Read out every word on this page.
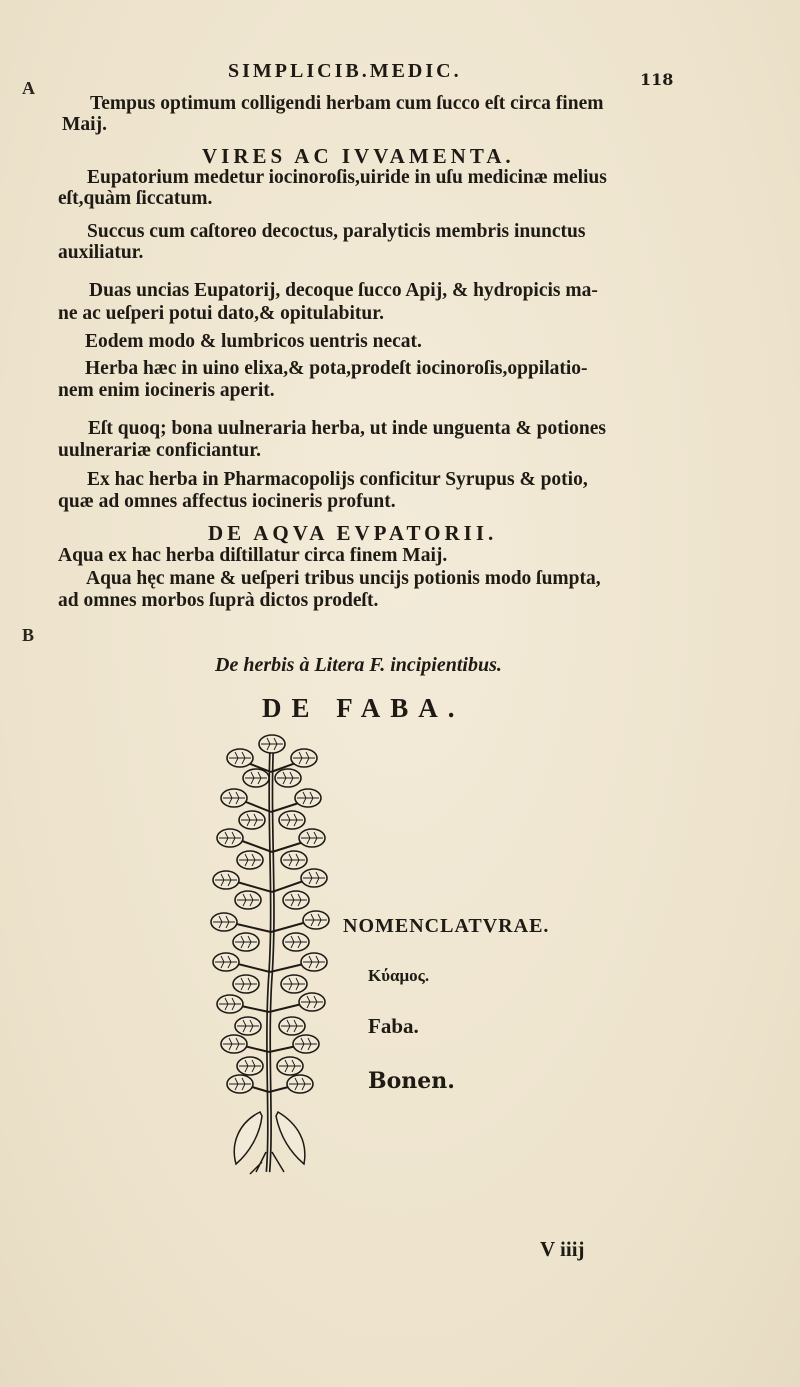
A
B
SIMPLICIB.MEDIC.	118
Tempus optimum colligendi herbam cum ſucco eſt circa finem
Maij.
VIRES AC IVVAMENTA.
Eupatorium medetur iocinoroſis,uiride in uſu medicinæ melius
eſt,quàm ſiccatum.
Succus cum caſtoreo decoctus, paralyticis membris inunctus
auxiliatur.
Duas uncias Eupatorij, decoque ſucco Apij, & hydropicis ma-
ne ac ueſperi potui dato,& opitulabitur.
Eodem modo & lumbricos uentris necat.
Herba hæc in uino elixa,& pota,prodeſt iocinoroſis,oppilatio-
nem enim iocineris aperit.
Eſt quoq; bona uulneraria herba, ut inde unguenta & potiones
uulnerariæ conficiantur.
Ex hac herba in Pharmacopolijs conficitur Syrupus & potio,
quæ ad omnes affectus iocineris profunt.
DE AQVA EVPATORII.
Aqua ex hac herba diſtillatur circa finem Maij.
Aqua hęc mane & ueſperi tribus uncijs potionis modo ſumpta,
ad omnes morbos ſuprà dictos prodeſt.
De herbis à Litera F. incipientibus.
DE FABA.
NOMENCLATVRAE.
Κύαμος.
Faba.
Bonen.
V iiij
